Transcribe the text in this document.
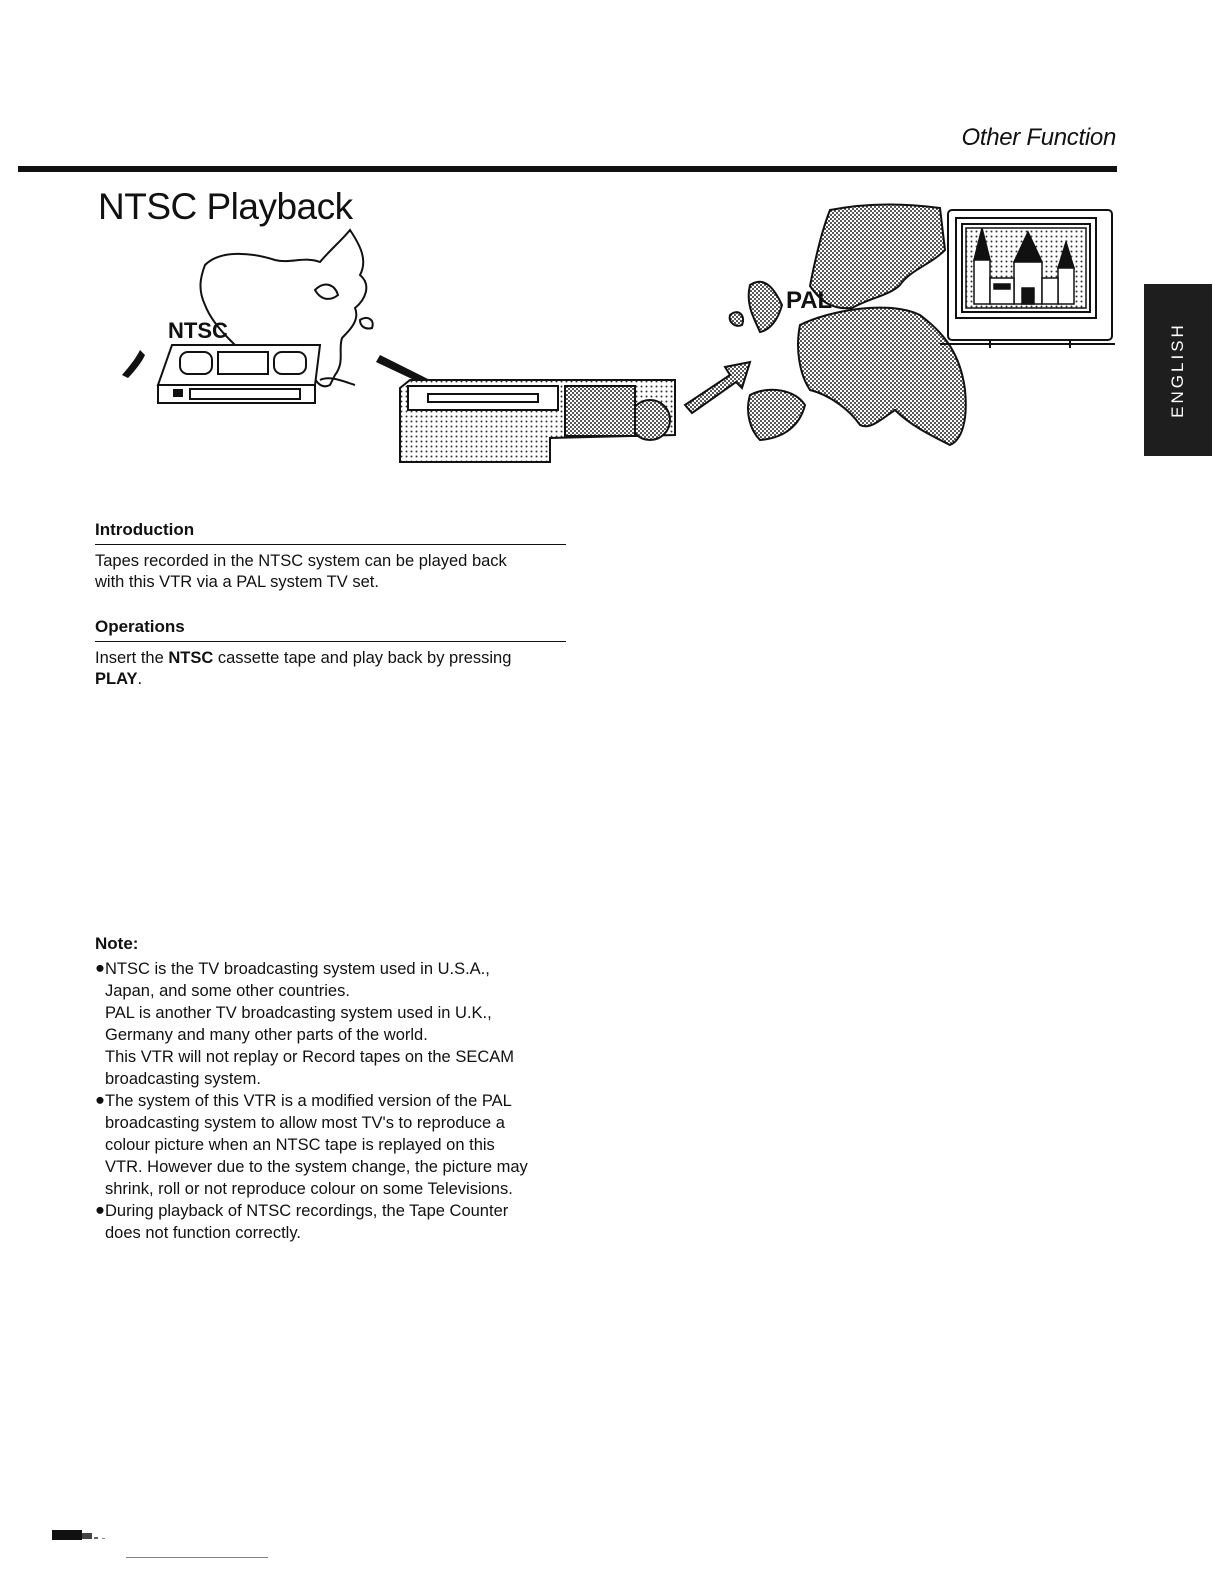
Other Function
NTSC Playback
ENGLISH
NTSC
PAL
Introduction
Tapes recorded in the NTSC system can be played back
with this VTR via a PAL system TV set.
Operations
Insert the NTSC cassette tape and play back by pressing
PLAY.
Note:
● NTSC is the TV broadcasting system used in U.S.A.,
Japan, and some other countries.
PAL is another TV broadcasting system used in U.K.,
Germany and many other parts of the world.
This VTR will not replay or Record tapes on the SECAM
broadcasting system.
● The system of this VTR is a modified version of the PAL
broadcasting system to allow most TV's to reproduce a
colour picture when an NTSC tape is replayed on this
VTR. However due to the system change, the picture may
shrink, roll or not reproduce colour on some Televisions.
● During playback of NTSC recordings, the Tape Counter
does not function correctly.
